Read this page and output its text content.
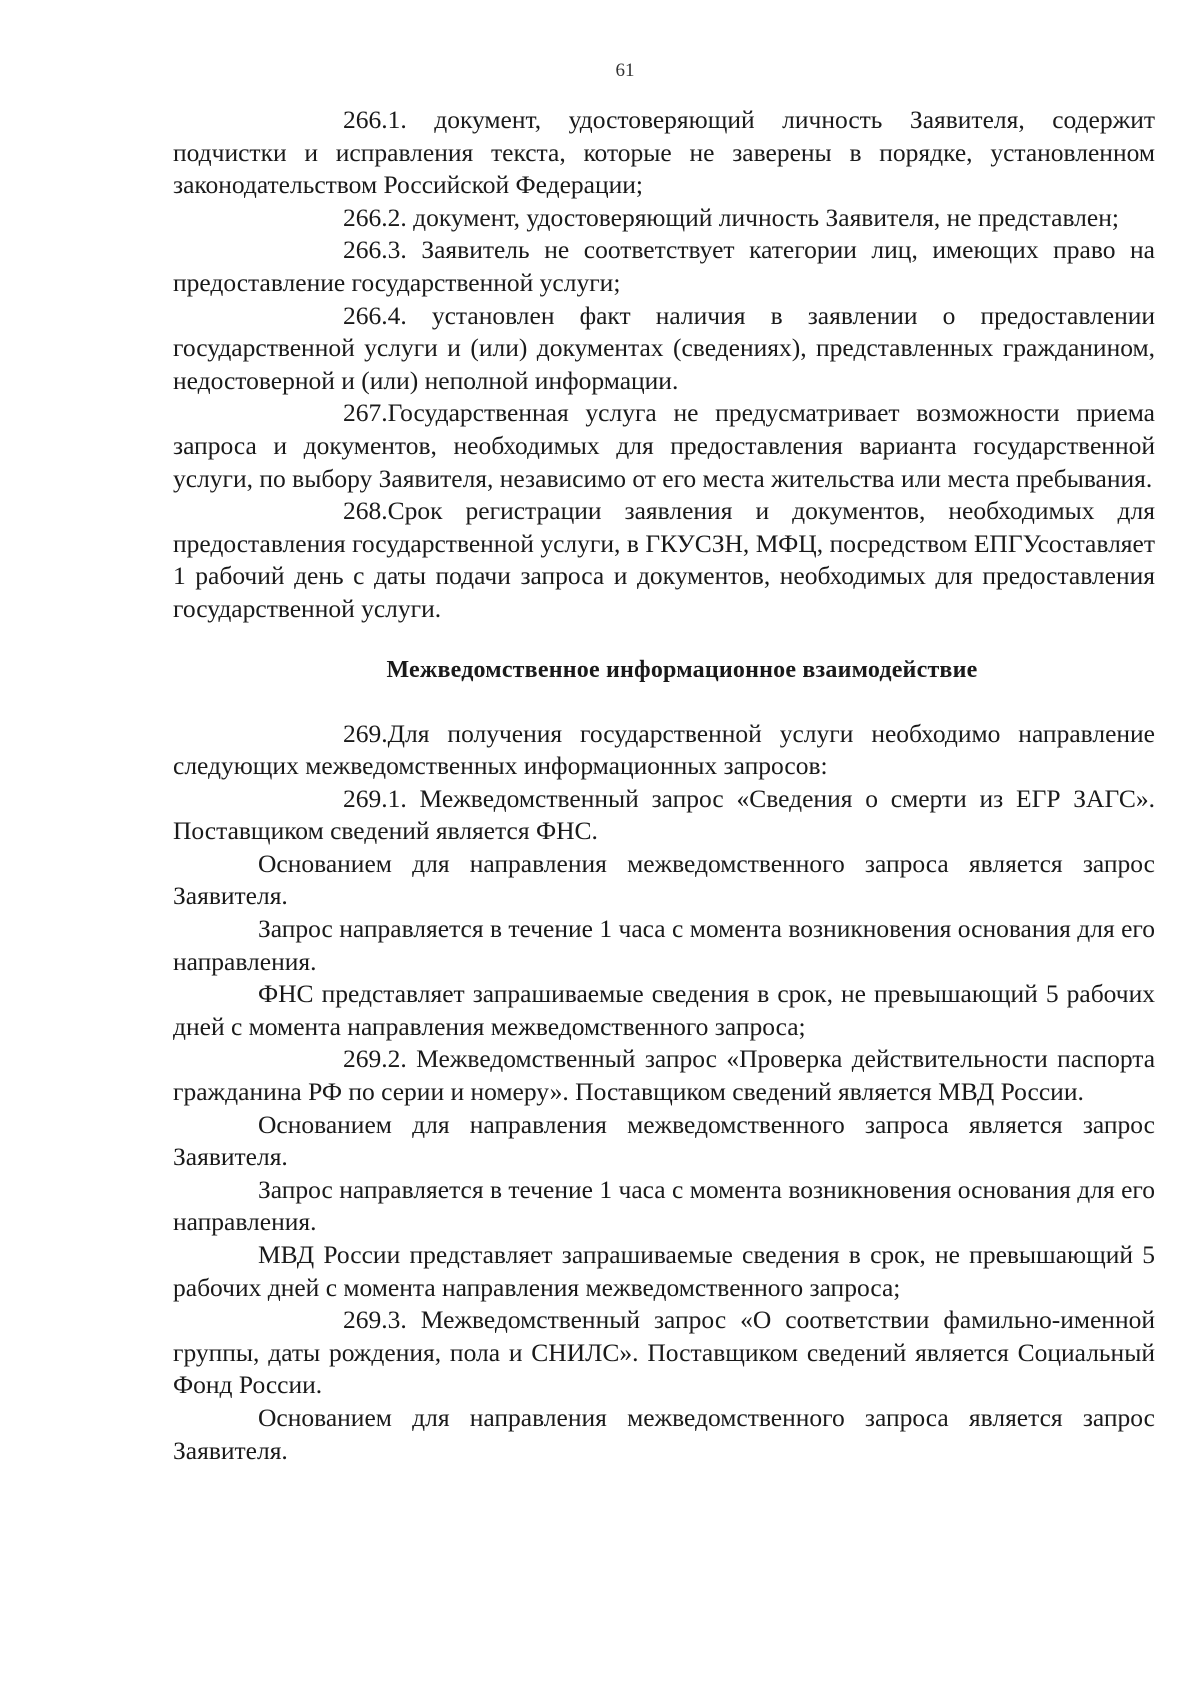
61

266.1. документ, удостоверяющий личность Заявителя, содержит подчистки и исправления текста, которые не заверены в порядке, установленном законодательством Российской Федерации;

266.2. документ, удостоверяющий личность Заявителя, не представлен;

266.3. Заявитель не соответствует категории лиц, имеющих право на предоставление государственной услуги;

266.4. установлен факт наличия в заявлении о предоставлении государственной услуги и (или) документах (сведениях), представленных гражданином, недостоверной и (или) неполной информации.

267.Государственная услуга не предусматривает возможности приема запроса и документов, необходимых для предоставления варианта государственной услуги, по выбору Заявителя, независимо от его места жительства или места пребывания.

268.Срок регистрации заявления и документов, необходимых для предоставления государственной услуги, в ГКУСЗН, МФЦ, посредством ЕПГУсоставляет 1 рабочий день с даты подачи запроса и документов, необходимых для предоставления государственной услуги.

Межведомственное информационное взаимодействие

269.Для получения государственной услуги необходимо направление следующих межведомственных информационных запросов:

269.1. Межведомственный запрос «Сведения о смерти из ЕГР ЗАГС». Поставщиком сведений является ФНС.

Основанием для направления межведомственного запроса является запрос Заявителя.

Запрос направляется в течение 1 часа с момента возникновения основания для его направления.

ФНС представляет запрашиваемые сведения в срок, не превышающий 5 рабочих дней с момента направления межведомственного запроса;

269.2. Межведомственный запрос «Проверка действительности паспорта гражданина РФ по серии и номеру». Поставщиком сведений является МВД России.

Основанием для направления межведомственного запроса является запрос Заявителя.

Запрос направляется в течение 1 часа с момента возникновения основания для его направления.

МВД России представляет запрашиваемые сведения в срок, не превышающий 5 рабочих дней с момента направления межведомственного запроса;

269.3. Межведомственный запрос «О соответствии фамильно-именной группы, даты рождения, пола и СНИЛС». Поставщиком сведений является Социальный Фонд России.

Основанием для направления межведомственного запроса является запрос Заявителя.
